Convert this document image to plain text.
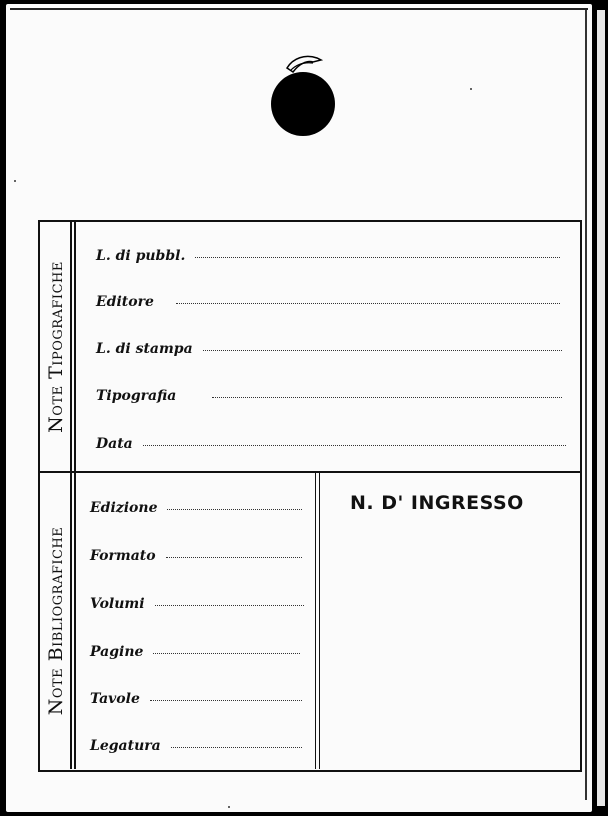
Note Tipografiche
L. di pubbl.
Editore
L. di stampa
Tipografia
Data
Note Bibliografiche
Edizione
Formato
Volumi
Pagine
Tavole
Legatura
N. D' INGRESSO
